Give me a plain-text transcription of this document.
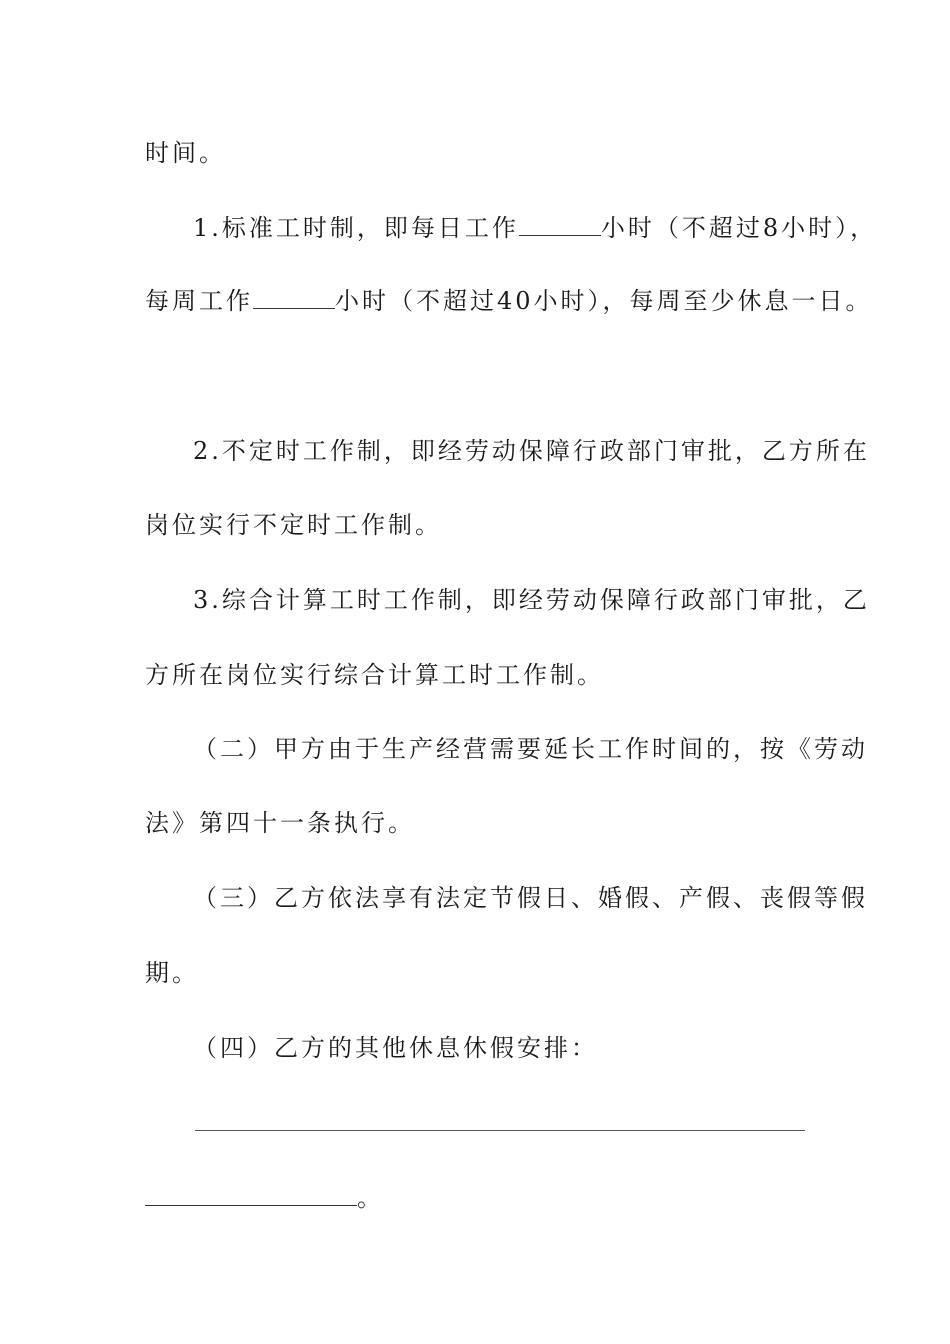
时间。
1.标准工时制，即每日工作	小时（不超过8小时），
每周工作	小时（不超过40小时），每周至少休息一日。
2.不定时工作制，即经劳动保障行政部门审批，乙方所在
岗位实行不定时工作制。
3.综合计算工时工作制，即经劳动保障行政部门审批，乙
方所在岗位实行综合计算工时工作制。
（二）甲方由于生产经营需要延长工作时间的，按《劳动
法》第四十一条执行。
（三）乙方依法享有法定节假日、婚假、产假、丧假等假
期。
（四）乙方的其他休息休假安排：
。
